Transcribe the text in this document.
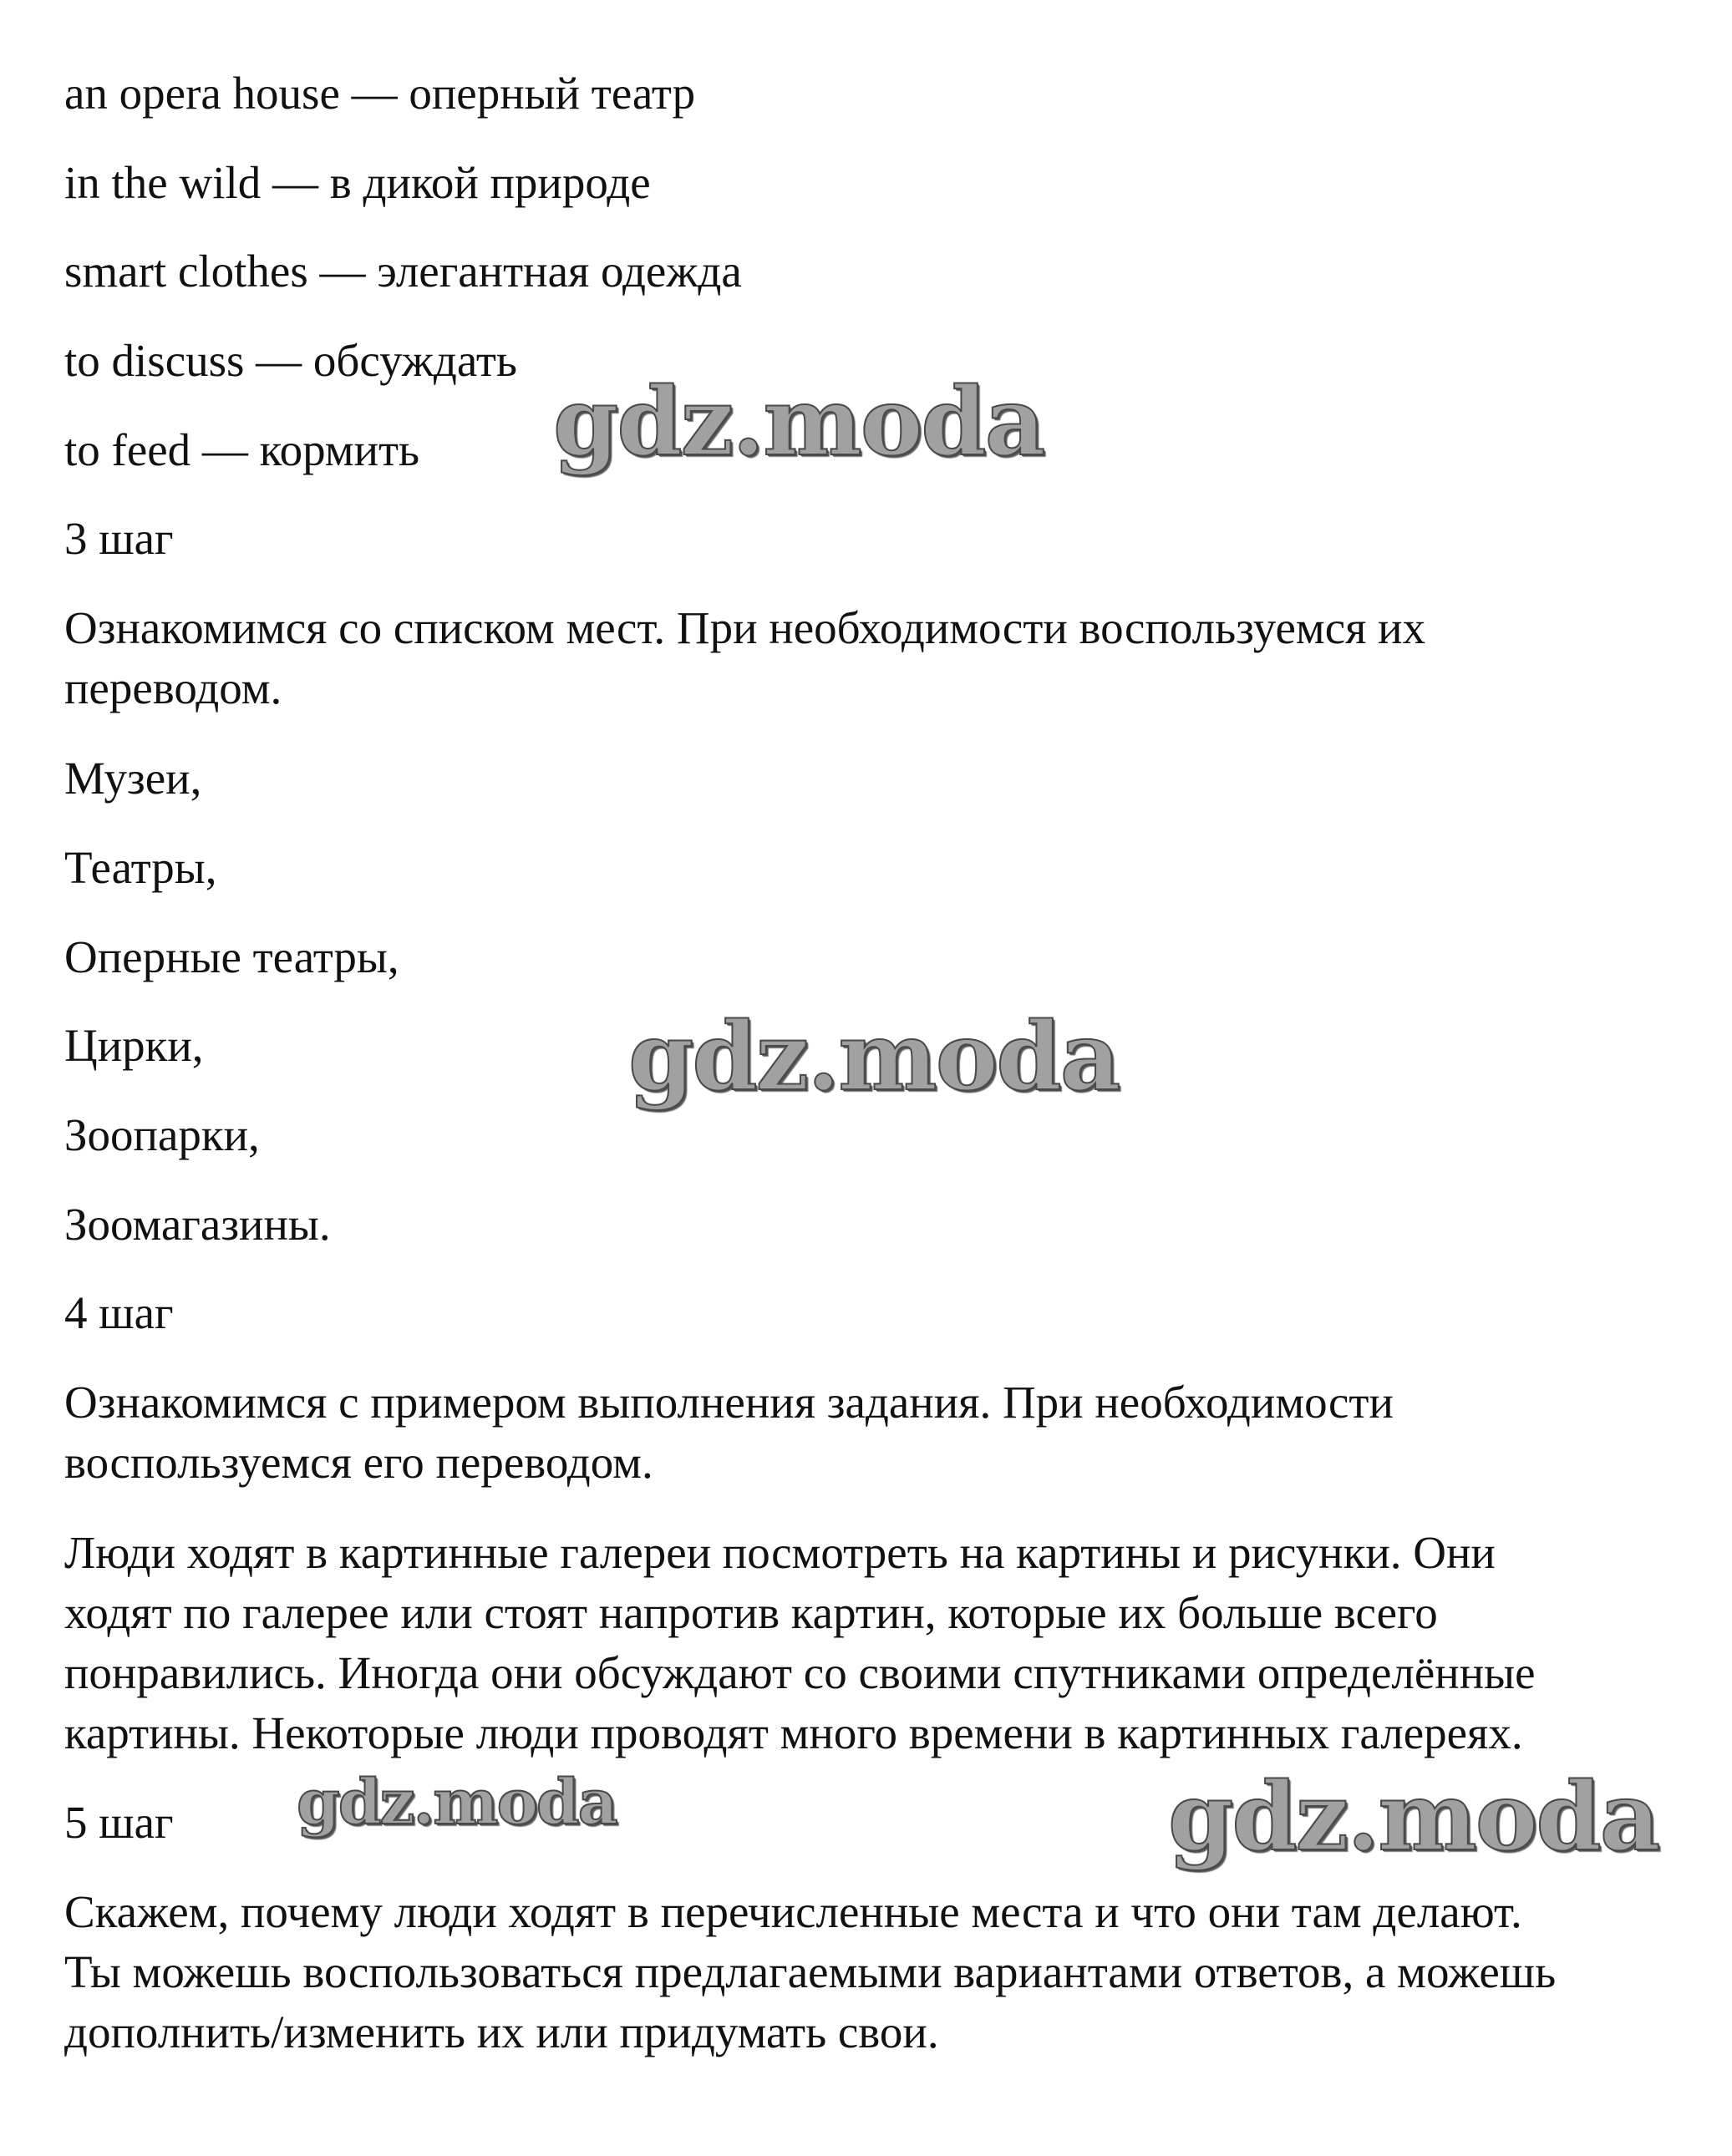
an opera house — оперный театр

in the wild — в дикой природе

smart clothes — элегантная одежда

to discuss — обсуждать

to feed — кормить

3 шаг

Ознакомимся со списком мест. При необходимости воспользуемся их
переводом.

Музеи,

Театры,

Оперные театры,

Цирки,

Зоопарки,

Зоомагазины.

4 шаг

Ознакомимся с примером выполнения задания. При необходимости
воспользуемся его переводом.
Люди ходят в картинные галереи посмотреть на картины и рисунки. Они
ходят по галерее или стоят напротив картин, которые их больше всего
понравились. Иногда они обсуждают со своими спутниками определённые
картины. Некоторые люди проводят много времени в картинных галереях.

5 шаг

Скажем, почему люди ходят в перечисленные места и что они там делают.
Ты можешь воспользоваться предлагаемыми вариантами ответов, а можешь
дополнить/изменить их или придумать свои.
gdz.moda
gdz.moda
gdz.moda	gdz.moda
